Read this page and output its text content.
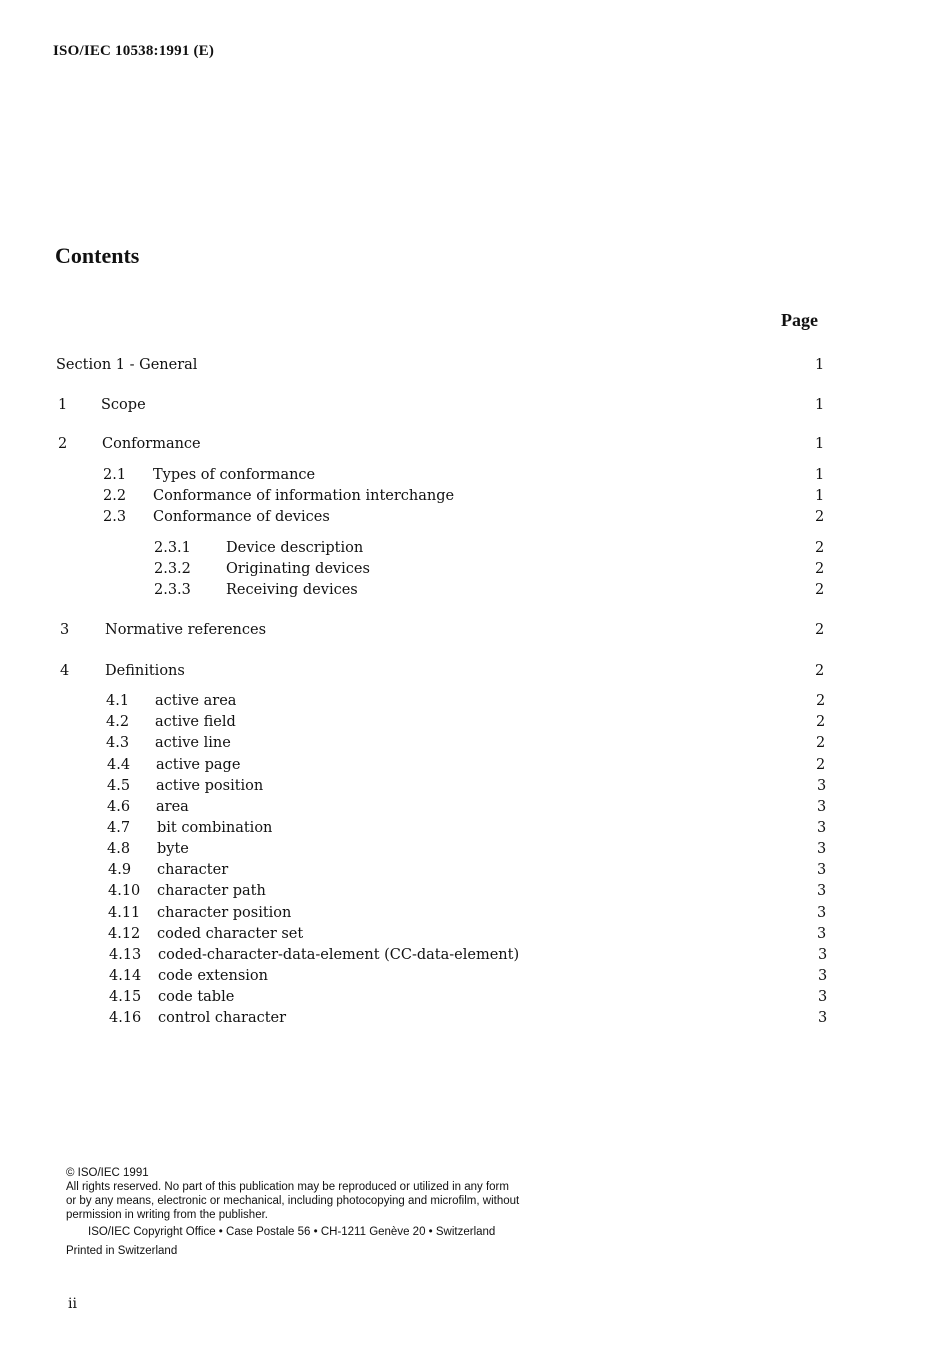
ISO/IEC 10538:1991 (E)
Contents
Page
Section 1 - General	1
1 Scope	1
2 Conformance	1
2.1 Types of conformance	1
2.2 Conformance of information interchange	1
2.3 Conformance of devices	2
2.3.1 Device description	2
2.3.2 Originating devices	2
2.3.3 Receiving devices	2
3 Normative references	2
4 Definitions	2
4.1 active area	2
4.2 active field	2
4.3 active line	2
4.4 active page	2
4.5 active position	3
4.6 area	3
4.7 bit combination	3
4.8 byte	3
4.9 character	3
4.10 character path	3
4.11 character position	3
4.12 coded character set	3
4.13 coded-character-data-element (CC-data-element)	3
4.14 code extension	3
4.15 code table	3
4.16 control character	3
© ISO/IEC 1991
All rights reserved. No part of this publication may be reproduced or utilized in any form
or by any means, electronic or mechanical, including photocopying and microfilm, without
permission in writing from the publisher.
ISO/IEC Copyright Office • Case Postale 56 • CH-1211 Genève 20 • Switzerland
Printed in Switzerland
ii
